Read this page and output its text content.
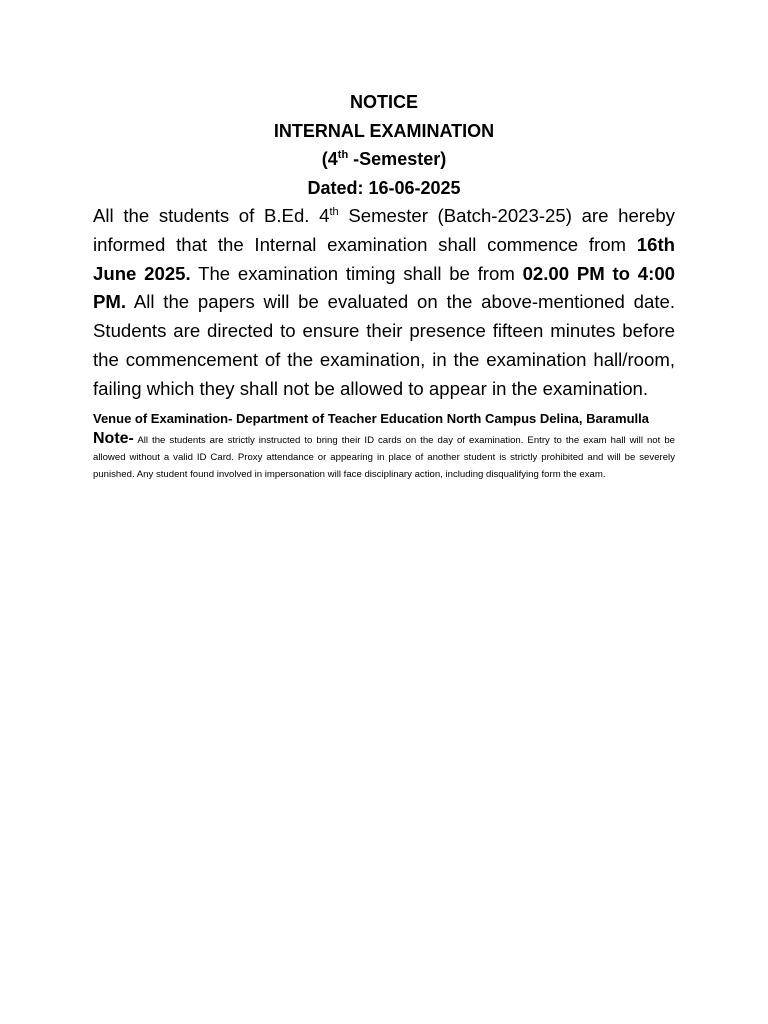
NOTICE

INTERNAL EXAMINATION

(4th -Semester)

Dated: 16-06-2025

All the students of B.Ed. 4th Semester (Batch-2023-25) are hereby informed that the Internal examination shall commence from 16th June 2025. The examination timing shall be from 02.00 PM to 4:00 PM. All the papers will be evaluated on the above-mentioned date. Students are directed to ensure their presence fifteen minutes before the commencement of the examination, in the examination hall/room, failing which they shall not be allowed to appear in the examination.

Venue of Examination- Department of Teacher Education North Campus Delina, Baramulla

Note- All the students are strictly instructed to bring their ID cards on the day of examination. Entry to the exam hall will not be allowed without a valid ID Card. Proxy attendance or appearing in place of another student is strictly prohibited and will be severely punished. Any student found involved in impersonation will face disciplinary action, including disqualifying form the exam.
